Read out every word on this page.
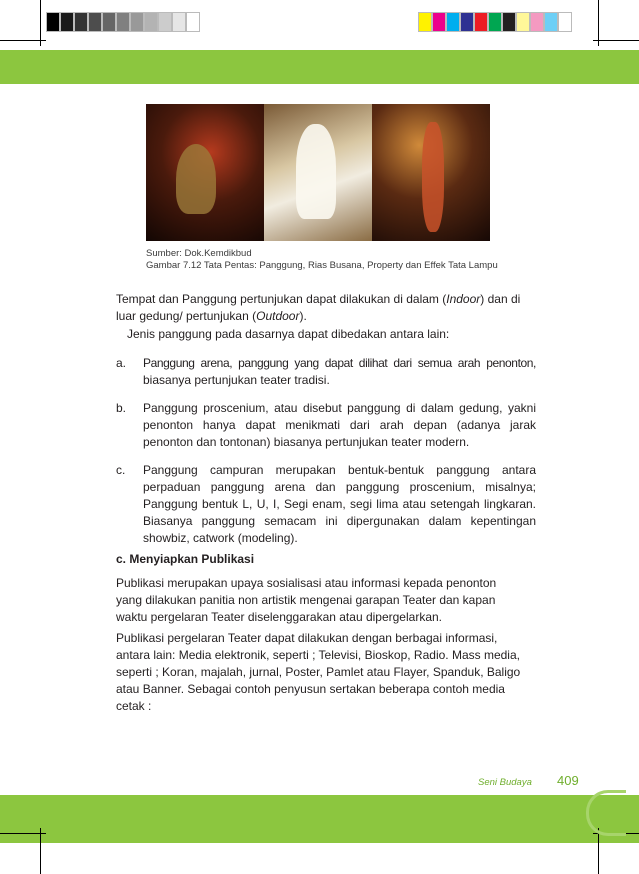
Sumber: Dok.Kemdikbud
Gambar 7.12 Tata Pentas: Panggung, Rias Busana, Property dan Effek Tata Lampu
Tempat dan Panggung pertunjukan dapat dilakukan di dalam (Indoor) dan di
luar gedung/ pertunjukan (Outdoor).
Jenis panggung pada dasarnya dapat dibedakan antara lain:
a. Panggung arena, panggung yang dapat dilihat dari semua arah penonton,
biasanya pertunjukan teater tradisi.
b. Panggung proscenium, atau disebut panggung di dalam gedung, yakni
penonton hanya dapat menikmati dari arah depan (adanya jarak
penonton dan tontonan) biasanya pertunjukan teater modern.
c. Panggung campuran merupakan bentuk-bentuk panggung antara
perpaduan panggung arena dan panggung proscenium, misalnya;
Panggung bentuk L, U, I, Segi enam, segi lima atau setengah lingkaran.
Biasanya panggung semacam ini dipergunakan dalam kepentingan
showbiz, catwork (modeling).
c. Menyiapkan Publikasi
Publikasi merupakan upaya sosialisasi atau informasi kepada penonton
yang dilakukan panitia non artistik mengenai garapan Teater dan kapan
waktu pergelaran Teater diselenggarakan atau dipergelarkan.
Publikasi pergelaran Teater dapat dilakukan dengan berbagai informasi,
antara lain: Media elektronik, seperti ; Televisi, Bioskop, Radio. Mass media,
seperti ; Koran, majalah, jurnal, Poster, Pamlet atau Flayer, Spanduk, Baligo
atau Banner. Sebagai contoh penyusun sertakan beberapa contoh media
cetak :
Seni Budaya 409
